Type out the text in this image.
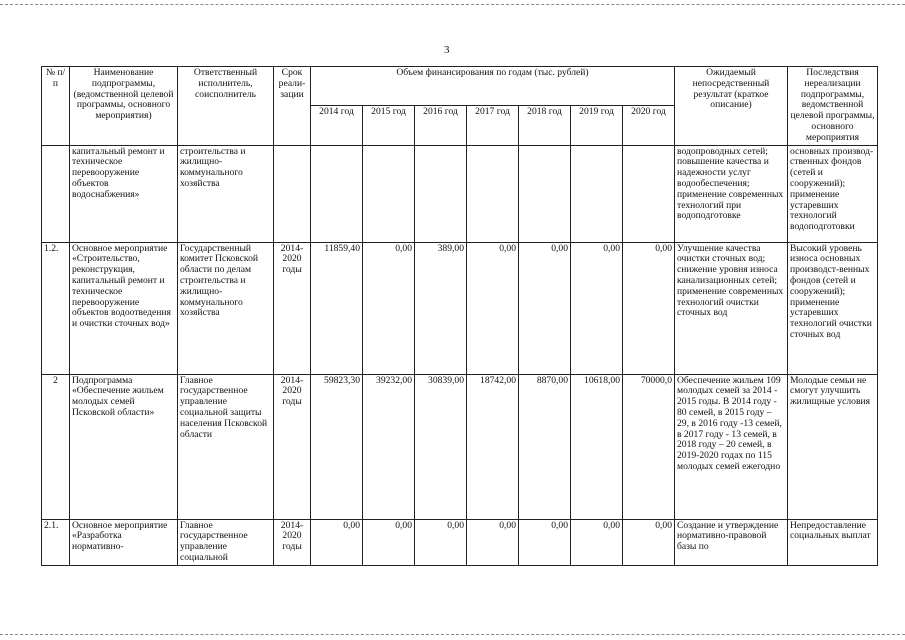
3
№ п/п	Наименование подпрограммы, (ведомственной целевой программы, основного мероприятия)	Ответственный исполнитель, соисполнитель	Срок реали-зации	Объем финансирования по годам (тыс. рублей)							Ожидаемый непосредственный результат (краткое описание)	Последствия нереализации подпрограммы, ведомственной целевой программы, основного мероприятия
				2014 год	2015 год	2016 год	2017 год	2018 год	2019 год	2020 год		
	капитальный ремонт и техническое перевооружение объектов водоснабжения»	строительства и жилищно-коммунального хозяйства									водопроводных сетей; повышение качества и надежности услуг водообеспечения; применение современных технологий при водоподготовке	основных производ-ственных фондов (сетей и сооружений); применение устаревших технологий водоподготовки
1.2.	Основное мероприятие «Строительство, реконструкция, капитальный ремонт и техническое перевооружение объектов водоотведения и очистки сточных вод»	Государственный комитет Псковской области по делам строительства и жилищно-коммунального хозяйства	2014-2020 годы	11859,40	0,00	389,00	0,00	0,00	0,00	0,00	Улучшение качества очистки сточных вод; снижение уровня износа канализационных сетей; применение современных технологий очистки сточных вод	Высокий уровень износа основных производст-венных фондов (сетей и сооружений); применение устаревших технологий очистки сточных вод
2	Подпрограмма «Обеспечение жильем молодых семей Псковской области»	Главное государственное управление социальной защиты населения Псковской области	2014-2020 годы	59823,30	39232,00	30839,00	18742,00	8870,00	10618,00	70000,0	Обеспечение жильем 109 молодых семей за 2014 - 2015 годы. В 2014 году - 80 семей, в 2015 году – 29, в 2016 году -13 семей, в 2017 году - 13 семей, в 2018 году – 20 семей, в 2019-2020 годах по 115 молодых семей ежегодно	Молодые семьи не смогут улучшить жилищные условия
2.1.	Основное мероприятие «Разработка нормативно-	Главное государственное управление социальной	2014-2020 годы	0,00	0,00	0,00	0,00	0,00	0,00	0,00	Создание и утверждение нормативно-правовой базы по	Непредоставление социальных выплат
